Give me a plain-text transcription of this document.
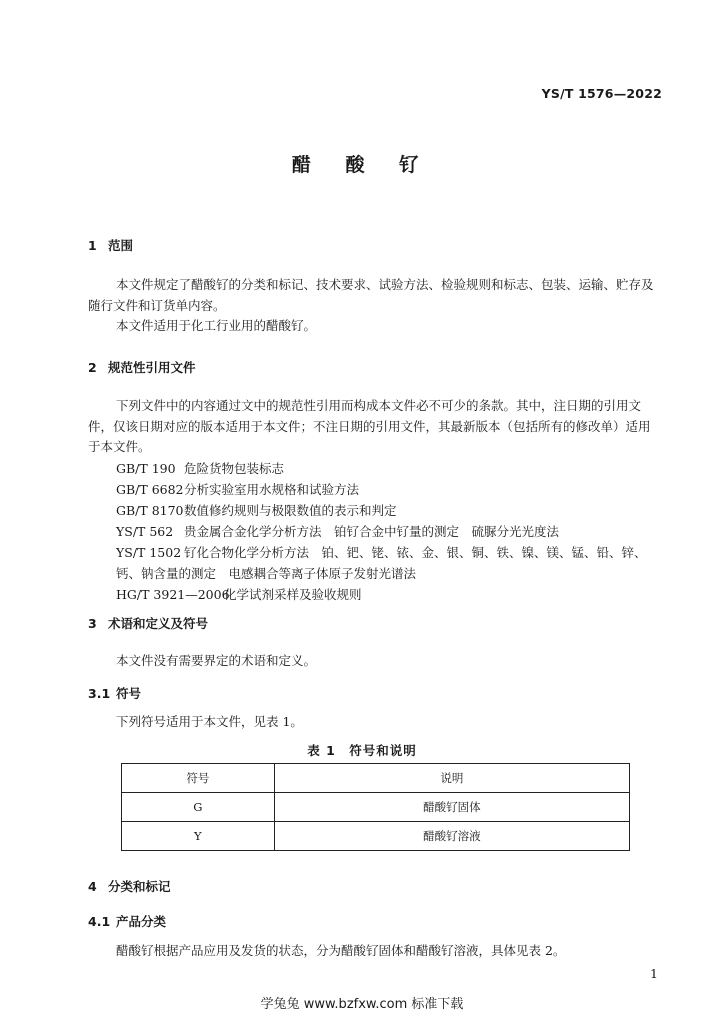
YS/T 1576—2022
醋 酸 钌
1 范围
本文件规定了醋酸钌的分类和标记、技术要求、试验方法、检验规则和标志、包装、运输、贮存及随行文件和订货单内容。
本文件适用于化工行业用的醋酸钌。
2 规范性引用文件
下列文件中的内容通过文中的规范性引用而构成本文件必不可少的条款。其中，注日期的引用文件，仅该日期对应的版本适用于本文件；不注日期的引用文件，其最新版本（包括所有的修改单）适用于本文件。
GB/T 190 危险货物包装标志
GB/T 6682分析实验室用水规格和试验方法
GB/T 8170数值修约规则与极限数值的表示和判定
YS/T 562 贵金属合金化学分析方法　铂钌合金中钌量的测定　硫脲分光光度法
YS/T 1502 钌化合物化学分析方法　铂、钯、铑、铱、金、银、铜、铁、镍、镁、锰、铅、锌、钙、钠含量的测定　电感耦合等离子体原子发射光谱法
HG/T 3921—2006化学试剂采样及验收规则
3 术语和定义及符号
本文件没有需要界定的术语和定义。
3.1 符号
下列符号适用于本文件，见表 1。
表 1　符号和说明
符号	说明
G	醋酸钌固体
Y	醋酸钌溶液
4 分类和标记
4.1 产品分类
醋酸钌根据产品应用及发货的状态，分为醋酸钌固体和醋酸钌溶液，具体见表 2。
1
学兔兔 www.bzfxw.com 标准下载
